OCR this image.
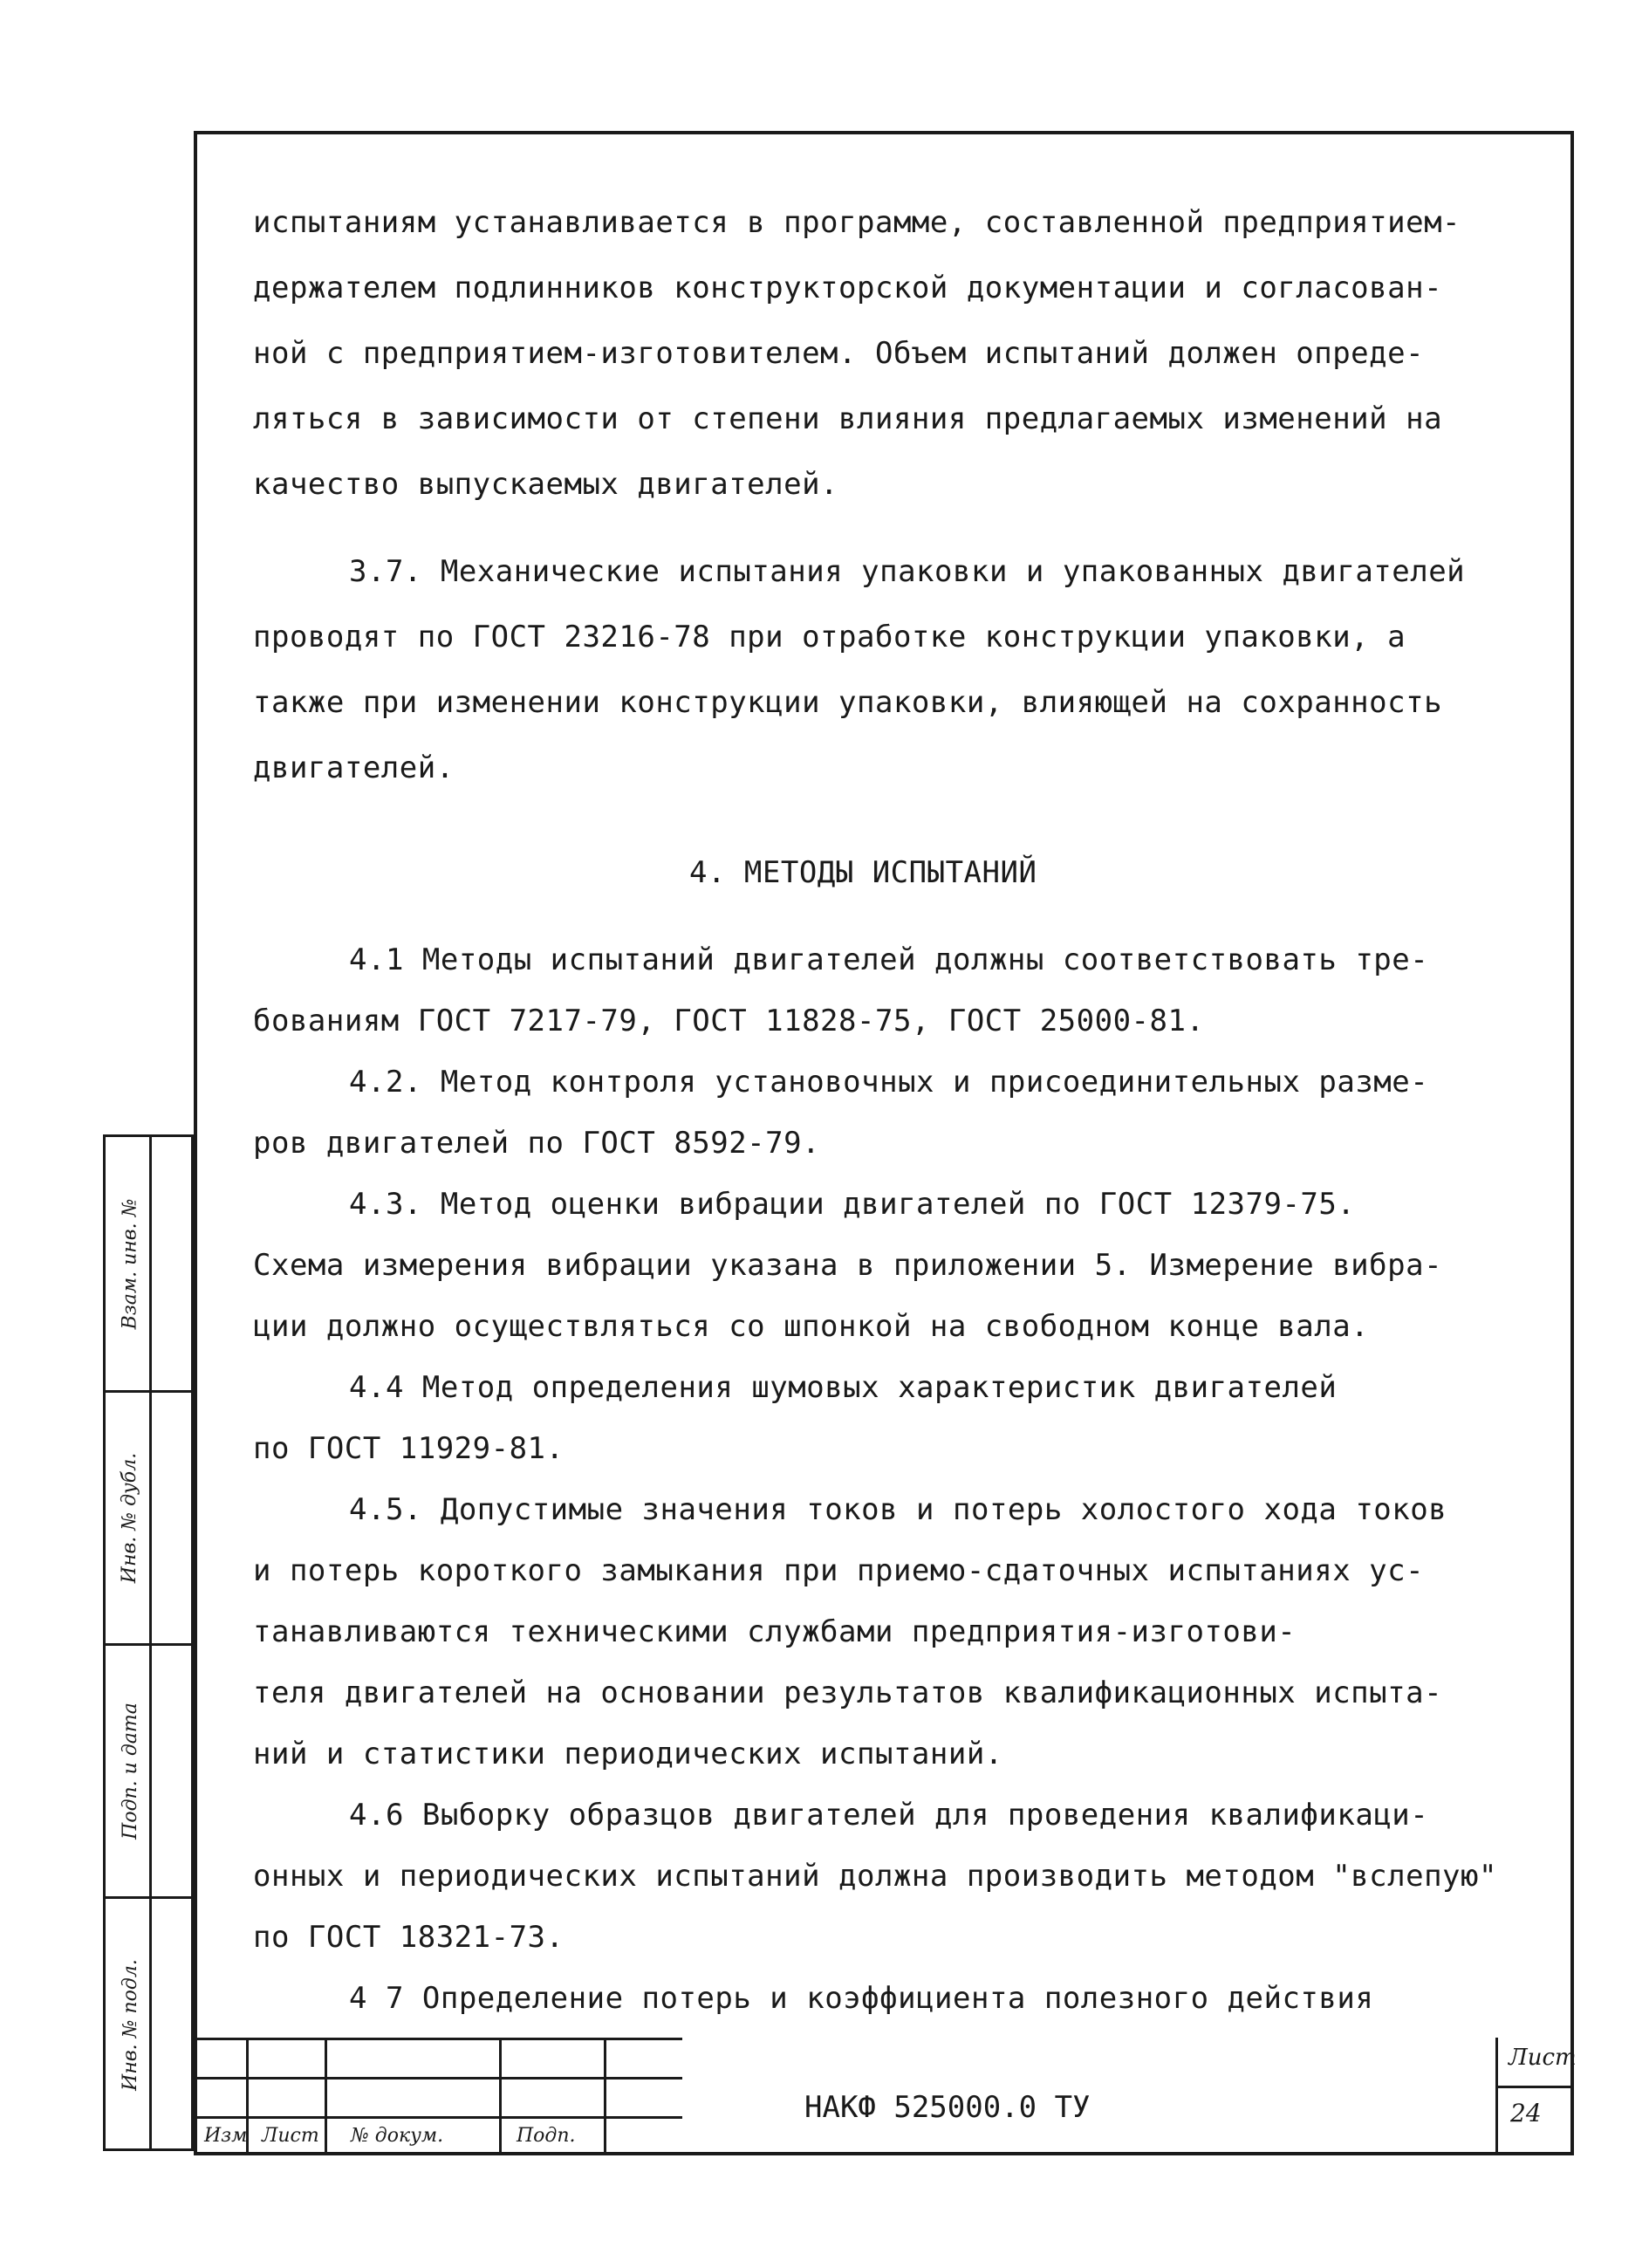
испытаниям устанавливается в программе, составленной предприятием-
держателем подлинников конструкторской документации и согласован-
ной с предприятием-изготовителем. Объем испытаний должен опреде-
ляться в зависимости от степени влияния предлагаемых изменений на
качество выпускаемых двигателей.
3.7. Механические испытания упаковки и упакованных двигателей
проводят по ГОСТ 23216-78 при отработке конструкции упаковки, а
также при изменении конструкции упаковки, влияющей на сохранность
двигателей.
4. МЕТОДЫ ИСПЫТАНИЙ
4.1 Методы испытаний двигателей должны соответствовать тре-
бованиям ГОСТ 7217-79, ГОСТ 11828-75, ГОСТ 25000-81.
4.2. Метод контроля установочных и присоединительных разме-
ров двигателей по ГОСТ 8592-79.
4.3. Метод оценки вибрации двигателей по ГОСТ 12379-75.
Схема измерения вибрации указана в приложении 5. Измерение вибра-
ции должно осуществляться со шпонкой на свободном конце вала.
4.4 Метод определения шумовых характеристик двигателей
по ГОСТ 11929-81.
4.5. Допустимые значения токов и потерь холостого хода токов
и потерь короткого замыкания при приемо-сдаточных испытаниях ус-
танавливаются техническими службами предприятия-изготови-
теля двигателей на основании результатов квалификационных испыта-
ний и статистики периодических испытаний.
4.6 Выборку образцов двигателей для проведения квалификаци-
онных и периодических испытаний должна производить методом "вслепую"
по ГОСТ 18321-73.
4 7 Определение потерь и коэффициента полезного действия
Взам. инв. №
Инв. № дубл.
Подп. и дата
Инв. № подл.
Изм Лист № докум.	Подп.
НАКФ 525000.0 ТУ
Лист
24
